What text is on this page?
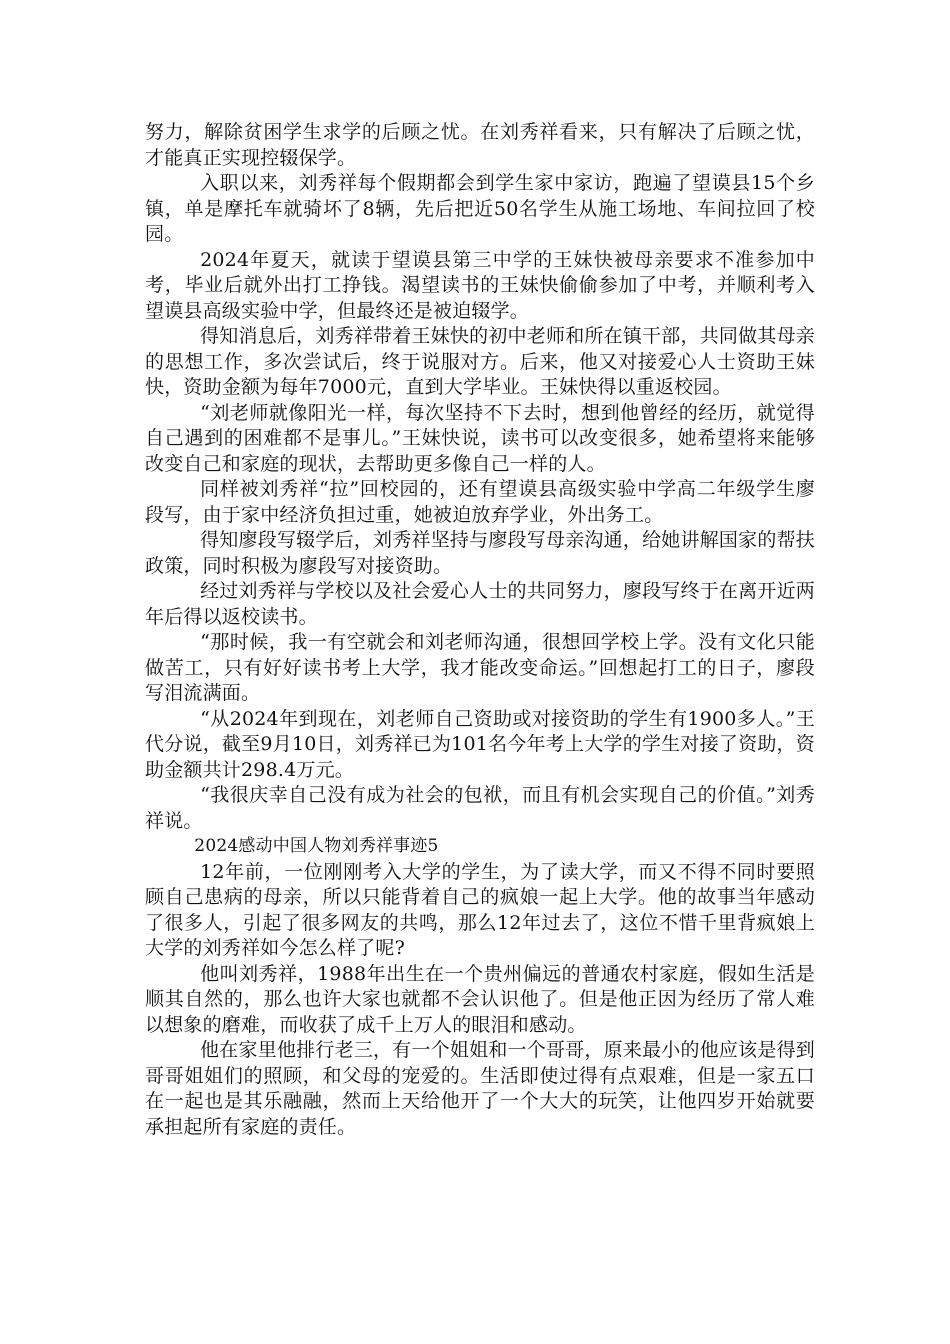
努力，解除贫困学生求学的后顾之忧。在刘秀祥看来，只有解决了后顾之忧，才能真正实现控辍保学。

入职以来，刘秀祥每个假期都会到学生家中家访，跑遍了望谟县15个乡镇，单是摩托车就骑坏了8辆，先后把近50名学生从施工场地、车间拉回了校园。

2024年夏天，就读于望谟县第三中学的王妹快被母亲要求不准参加中考，毕业后就外出打工挣钱。渴望读书的王妹快偷偷参加了中考，并顺利考入望谟县高级实验中学，但最终还是被迫辍学。

得知消息后，刘秀祥带着王妹快的初中老师和所在镇干部，共同做其母亲的思想工作，多次尝试后，终于说服对方。后来，他又对接爱心人士资助王妹快，资助金额为每年7000元，直到大学毕业。王妹快得以重返校园。

“刘老师就像阳光一样，每次坚持不下去时，想到他曾经的经历，就觉得自己遇到的困难都不是事儿。”王妹快说，读书可以改变很多，她希望将来能够改变自己和家庭的现状，去帮助更多像自己一样的人。

同样被刘秀祥“拉”回校园的，还有望谟县高级实验中学高二年级学生廖段写，由于家中经济负担过重，她被迫放弃学业，外出务工。

得知廖段写辍学后，刘秀祥坚持与廖段写母亲沟通，给她讲解国家的帮扶政策，同时积极为廖段写对接资助。

经过刘秀祥与学校以及社会爱心人士的共同努力，廖段写终于在离开近两年后得以返校读书。

“那时候，我一有空就会和刘老师沟通，很想回学校上学。没有文化只能做苦工，只有好好读书考上大学，我才能改变命运。”回想起打工的日子，廖段写泪流满面。

“从2024年到现在，刘老师自己资助或对接资助的学生有1900多人。”王代分说，截至9月10日，刘秀祥已为101名今年考上大学的学生对接了资助，资助金额共计298.4万元。

“我很庆幸自己没有成为社会的包袱，而且有机会实现自己的价值。”刘秀祥说。

2024感动中国人物刘秀祥事迹5

12年前，一位刚刚考入大学的学生，为了读大学，而又不得不同时要照顾自己患病的母亲，所以只能背着自己的疯娘一起上大学。他的故事当年感动了很多人，引起了很多网友的共鸣，那么12年过去了，这位不惜千里背疯娘上大学的刘秀祥如今怎么样了呢?

他叫刘秀祥，1988年出生在一个贵州偏远的普通农村家庭，假如生活是顺其自然的，那么也许大家也就都不会认识他了。但是他正因为经历了常人难以想象的磨难，而收获了成千上万人的眼泪和感动。

他在家里他排行老三，有一个姐姐和一个哥哥，原来最小的他应该是得到哥哥姐姐们的照顾，和父母的宠爱的。生活即使过得有点艰难，但是一家五口在一起也是其乐融融，然而上天给他开了一个大大的玩笑，让他四岁开始就要承担起所有家庭的责任。
